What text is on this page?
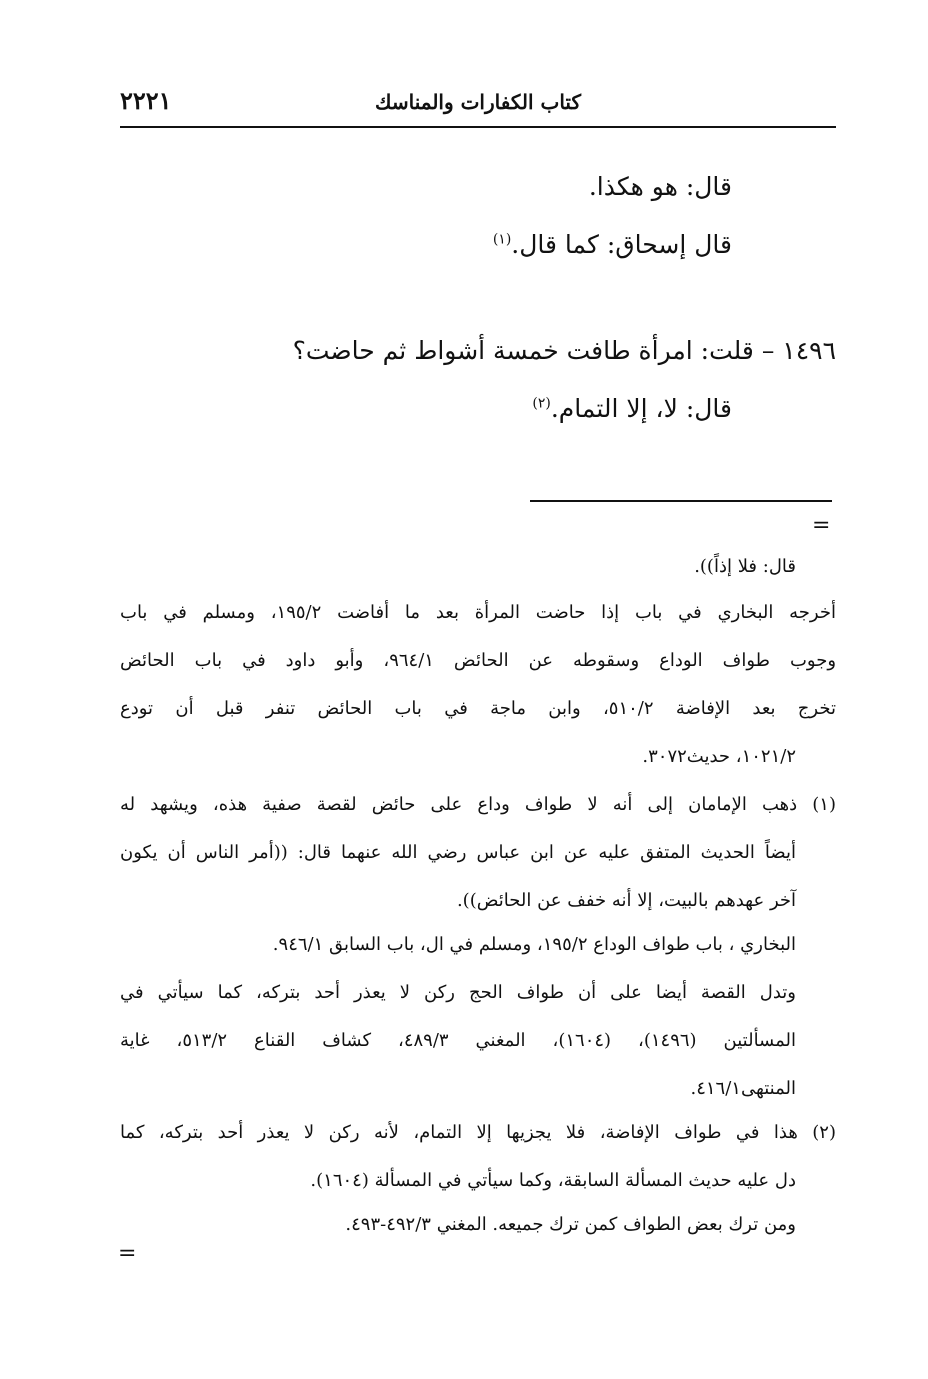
٢٢٢١	كتاب الكفارات والمناسك
قال: هو هكذا.
قال إسحاق: كما قال.$^{(١)}$
١٤٩٦ – قلت: امرأة طافت خمسة أشواط ثم حاضت؟
قال: لا، إلا التمام.$^{(٢)}$
=
قال: فلا إذاً)).
أخرجه البخاري في باب إذا حاضت المرأة بعد ما أفاضت ١٩٥/٢، ومسلم في باب
وجوب طواف الوداع وسقوطه عن الحائض ٩٦٤/١، وأبو داود في باب الحائض
تخرج بعد الإفاضة ٥١٠/٢، وابن ماجة في باب الحائض تنفر قبل أن تودع
١٠٢١/٢، حديث٣٠٧٢.
(١) ذهب الإمامان إلى أنه لا طواف وداع على حائض لقصة صفية هذه، ويشهد له
أيضاً الحديث المتفق عليه عن ابن عباس رضي الله عنهما قال: ((أمر الناس أن يكون
آخر عهدهم بالبيت، إلا أنه خفف عن الحائض)).
البخاري ، باب طواف الوداع ١٩٥/٢، ومسلم في ال، باب السابق ٩٤٦/١.
وتدل القصة أيضا على أن طواف الحج ركن لا يعذر أحد بتركه، كما سيأتي في
المسألتين (١٤٩٦)، (١٦٠٤)، المغني ٤٨٩/٣، كشاف القناع ٥١٣/٢، غاية
المنتهى٤١٦/١.
(٢) هذا في طواف الإفاضة، فلا يجزيها إلا التمام، لأنه ركن لا يعذر أحد بتركه، كما
دل عليه حديث المسألة السابقة، وكما سيأتي في المسألة (١٦٠٤).
ومن ترك بعض الطواف كمن ترك جميعه. المغني ٤٩٢/٣-٤٩٣.
=
